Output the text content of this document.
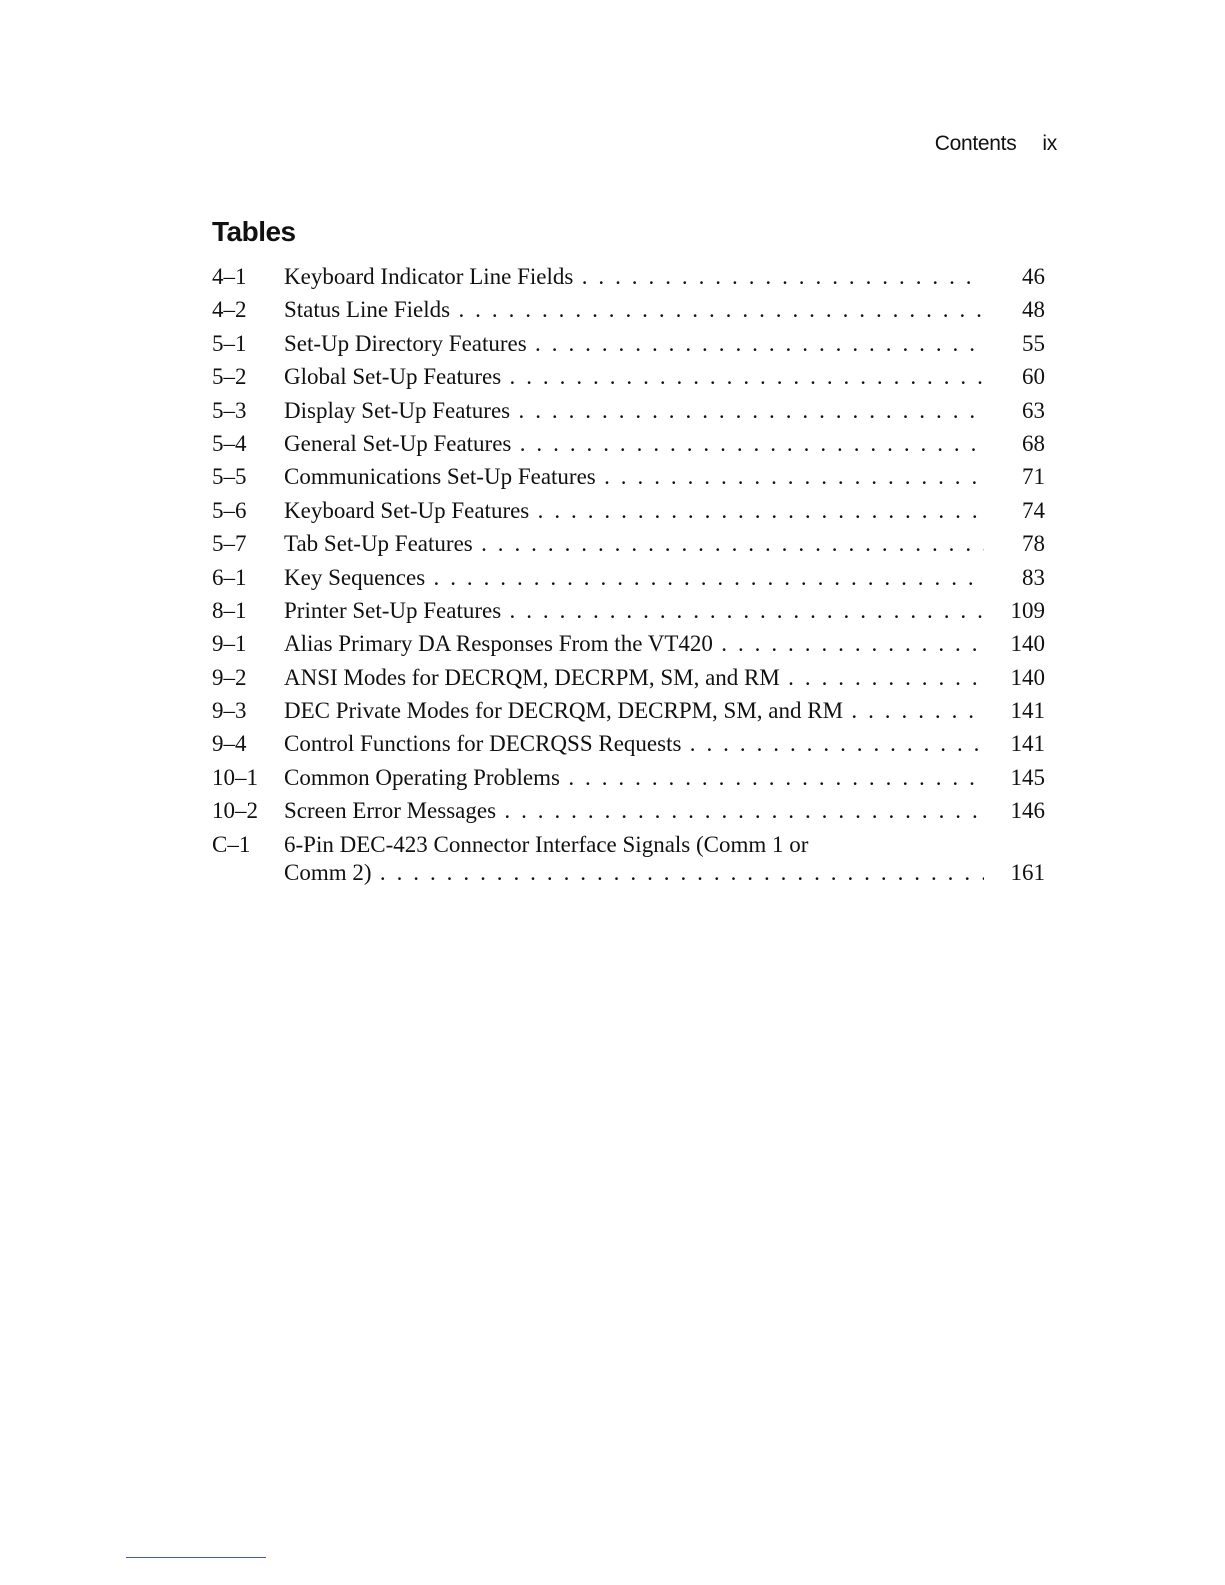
Contents ix
Tables
4–1	Keyboard Indicator Line Fields . . .	46
4–2	Status Line Fields . . .	48
5–1	Set-Up Directory Features . . .	55
5–2	Global Set-Up Features . . .	60
5–3	Display Set-Up Features . . .	63
5–4	General Set-Up Features . . .	68
5–5	Communications Set-Up Features . . .	71
5–6	Keyboard Set-Up Features . . .	74
5–7	Tab Set-Up Features . . .	78
6–1	Key Sequences . . .	83
8–1	Printer Set-Up Features . . .	109
9–1	Alias Primary DA Responses From the VT420 . . .	140
9–2	ANSI Modes for DECRQM, DECRPM, SM, and RM . . .	140
9–3	DEC Private Modes for DECRQM, DECRPM, SM, and RM . . .	141
9–4	Control Functions for DECRQSS Requests . . .	141
10–1	Common Operating Problems . . .	145
10–2	Screen Error Messages . . .	146
C–1	6-Pin DEC-423 Connector Interface Signals (Comm 1 or
Comm 2) . . .	161
